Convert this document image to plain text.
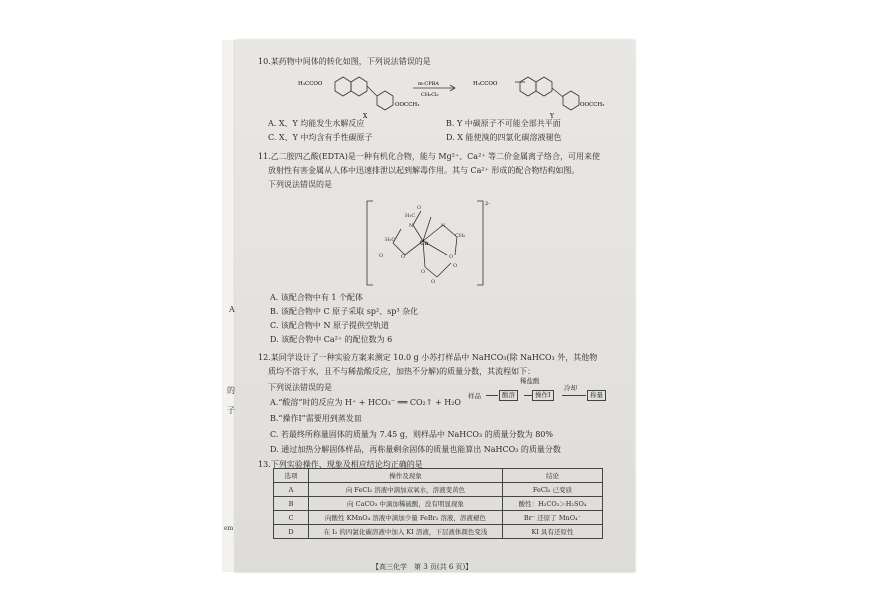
A
的
子
em
10.某药物中间体的转化如图，下列说法错误的是
H₃CCOO
OOCCH₃
X
m-CPBA
CH₂Cl₂
H₃CCOO
OOCCH₃
Y
A. X、Y 均能发生水解反应	B. Y 中碳原子不可能全部共平面
C. X、Y 中均含有手性碳原子	D. X 能使溴的四氯化碳溶液褪色
11.乙二胺四乙酸(EDTA)是一种有机化合物，能与 Mg²⁺、Ca²⁺ 等二价金属离子络合，可用来使
放射性有害金属从人体中迅速排泄以起到解毒作用。其与 Ca²⁺ 形成的配合物结构如图。
下列说法错误的是
Ca
2-
N	N
O
H₂C
O	O
O
CH₂
O
H₂C
O
O
A. 该配合物中有 1 个配体
B. 该配合物中 C 原子采取 sp²、sp³ 杂化
C. 该配合物中 N 原子提供空轨道
D. 该配合物中 Ca²⁺ 的配位数为 6
12.某同学设计了一种实验方案来测定 10.0 g 小苏打样品中 NaHCO₃(除 NaHCO₃ 外，其他物
质均不溶于水，且不与稀盐酸反应，加热不分解)的质量分数，其流程如下：
下列说法错误的是
稀盐酸
样品	酸溶	操作Ⅰ
冷却
称量
A.“酸溶”时的反应为 H⁺ + HCO₃⁻ ══ CO₂↑ + H₂O
B.“操作Ⅰ”需要用到蒸发皿
C. 若最终所称量固体的质量为 7.45 g，则样品中 NaHCO₃ 的质量分数为 80%
D. 通过加热分解固体样品，再称量剩余固体的质量也能算出 NaHCO₃ 的质量分数
13.下列实验操作、现象及相应结论均正确的是
选项	操作及现象	结论
A	向 FeCl₂ 溶液中滴加双氧水，溶液变黄色	FeCl₂ 已变质
B	向 CaCO₃ 中滴加稀硫酸，没有明显现象	酸性：H₂CO₃＞H₂SO₄
C	向酸性 KMnO₄ 溶液中滴加少量 FeBr₂ 溶液，溶液褪色	Br⁻ 还原了 MnO₄⁻
D	在 I₂ 的四氯化碳溶液中加入 KI 溶液，下层液体颜色变浅	KI 具有还原性
【高三化学　第 3 页(共 6 页)】
